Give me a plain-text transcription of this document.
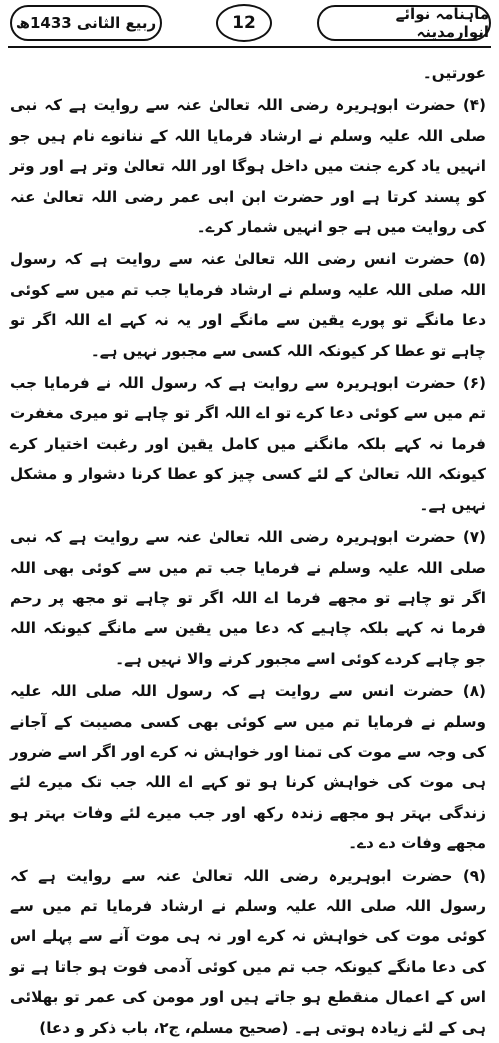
ماہنامہ نوائے انوارمدینہ
12
ربیع الثانی 1433ھ

عورتیں۔

(۴) حضرت ابوہریرہ رضی اللہ تعالیٰ عنہ سے روایت ہے کہ نبی صلی اللہ علیہ وسلم نے ارشاد فرمایا اللہ کے ننانوے نام ہیں جو انہیں یاد کرے جنت میں داخل ہوگا اور اللہ تعالیٰ وتر ہے اور وتر کو پسند کرتا ہے اور حضرت ابن ابی عمر رضی اللہ تعالیٰ عنہ کی روایت میں ہے جو انہیں شمار کرے۔

(۵) حضرت انس رضی اللہ تعالیٰ عنہ سے روایت ہے کہ رسول اللہ صلی اللہ علیہ وسلم نے ارشاد فرمایا جب تم میں سے کوئی دعا مانگے تو پورے یقین سے مانگے اور یہ نہ کہے اے اللہ اگر تو چاہے تو عطا کر کیونکہ اللہ کسی سے مجبور نہیں ہے۔

(۶) حضرت ابوہریرہ سے روایت ہے کہ رسول اللہ نے فرمایا جب تم میں سے کوئی دعا کرے تو اے اللہ اگر تو چاہے تو میری مغفرت فرما نہ کہے بلکہ مانگنے میں کامل یقین اور رغبت اختیار کرے کیونکہ اللہ تعالیٰ کے لئے کسی چیز کو عطا کرنا دشوار و مشکل نہیں ہے۔

(۷) حضرت ابوہریرہ رضی اللہ تعالیٰ عنہ سے روایت ہے کہ نبی صلی اللہ علیہ وسلم نے فرمایا جب تم میں سے کوئی بھی اللہ اگر تو چاہے تو مجھے فرما اے اللہ اگر تو چاہے تو مجھ پر رحم فرما نہ کہے بلکہ چاہیے کہ دعا میں یقین سے مانگے کیونکہ اللہ جو چاہے کردے کوئی اسے مجبور کرنے والا نہیں ہے۔

(۸) حضرت انس سے روایت ہے کہ رسول اللہ صلی اللہ علیہ وسلم نے فرمایا تم میں سے کوئی بھی کسی مصیبت کے آجانے کی وجہ سے موت کی تمنا اور خواہش نہ کرے اور اگر اسے ضرور ہی موت کی خواہش کرنا ہو تو کہے اے اللہ جب تک میرے لئے زندگی بہتر ہو مجھے زندہ رکھ اور جب میرے لئے وفات بہتر ہو مجھے وفات دے دے۔

(۹) حضرت ابوہریرہ رضی اللہ تعالیٰ عنہ سے روایت ہے کہ رسول اللہ صلی اللہ علیہ وسلم نے ارشاد فرمایا تم میں سے کوئی موت کی خواہش نہ کرے اور نہ ہی موت آنے سے پہلے اس کی دعا مانگے کیونکہ جب تم میں کوئی آدمی فوت ہو جاتا ہے تو اس کے اعمال منقطع ہو جاتے ہیں اور مومن کی عمر تو بھلائی ہی کے لئے زیادہ ہوتی ہے۔ (صحیح مسلم، ج۲، باب ذکر و دعا)
